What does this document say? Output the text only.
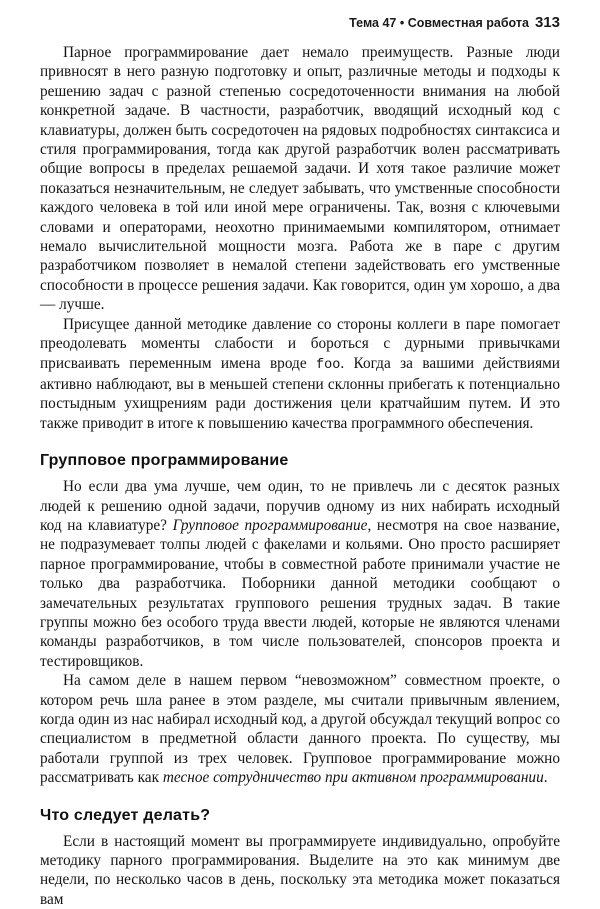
Тема 47 • Совместная работа 313

Парное программирование дает немало преимуществ. Разные люди привносят в него разную подготовку и опыт, различные методы и подходы к решению задач с разной степенью сосредоточенности внимания на любой конкретной задаче. В частности, разработчик, вводящий исходный код с клавиатуры, должен быть сосредоточен на рядовых подробностях синтаксиса и стиля программирования, тогда как другой разработчик волен рассматривать общие вопросы в пределах решаемой задачи. И хотя такое различие может показаться незначительным, не следует забывать, что умственные способности каждого человека в той или иной мере ограничены. Так, возня с ключевыми словами и операторами, неохотно принимаемыми компилятором, отнимает немало вычислительной мощности мозга. Работа же в паре с другим разработчиком позволяет в немалой степени задействовать его умственные способности в процессе решения задачи. Как говорится, один ум хорошо, а два — лучше.

Присущее данной методике давление со стороны коллеги в паре помогает преодолевать моменты слабости и бороться с дурными привычками присваивать переменным имена вроде foo. Когда за вашими действиями активно наблюдают, вы в меньшей степени склонны прибегать к потенциально постыдным ухищрениям ради достижения цели кратчайшим путем. И это также приводит в итоге к повышению качества программного обеспечения.

Групповое программирование

Но если два ума лучше, чем один, то не привлечь ли с десяток разных людей к решению одной задачи, поручив одному из них набирать исходный код на клавиатуре? Групповое программирование, несмотря на свое название, не подразумевает толпы людей с факелами и кольями. Оно просто расширяет парное программирование, чтобы в совместной работе принимали участие не только два разработчика. Поборники данной методики сообщают о замечательных результатах группового решения трудных задач. В такие группы можно без особого труда ввести людей, которые не являются членами команды разработчиков, в том числе пользователей, спонсоров проекта и тестировщиков.

На самом деле в нашем первом “невозможном” совместном проекте, о котором речь шла ранее в этом разделе, мы считали привычным явлением, когда один из нас набирал исходный код, а другой обсуждал текущий вопрос со специалистом в предметной области данного проекта. По существу, мы работали группой из трех человек. Групповое программирование можно рассматривать как тесное сотрудничество при активном программировании.

Что следует делать?

Если в настоящий момент вы программируете индивидуально, опробуйте методику парного программирования. Выделите на это как минимум две недели, по несколько часов в день, поскольку эта методика может показаться вам
